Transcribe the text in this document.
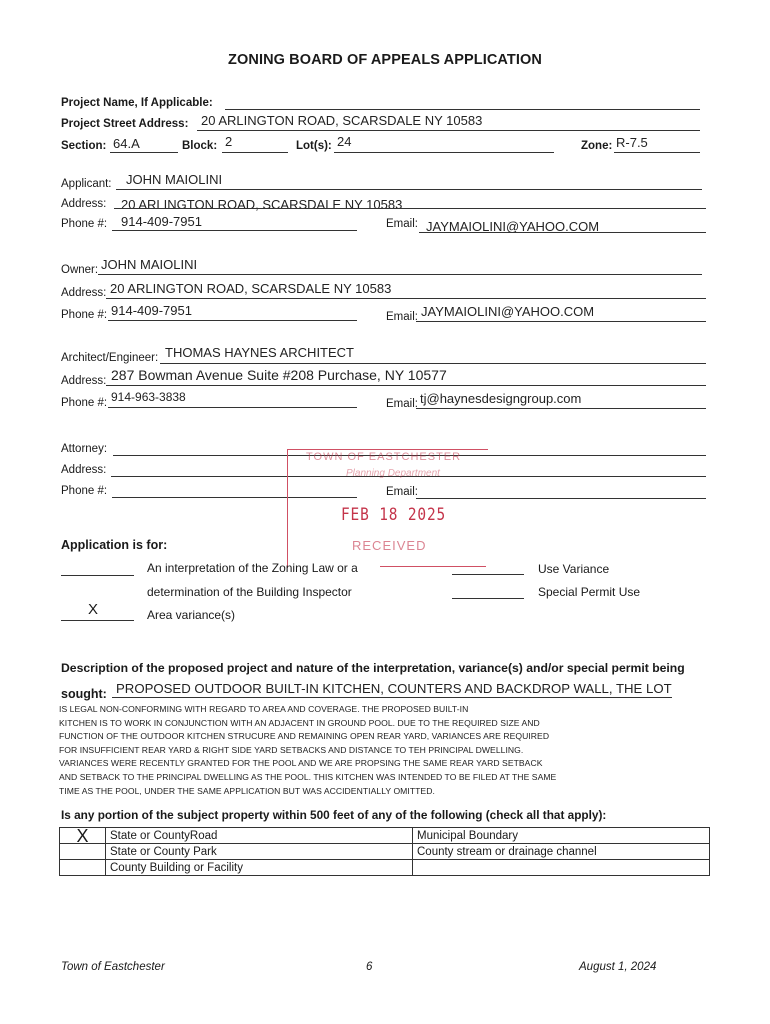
ZONING BOARD OF APPEALS APPLICATION
Project Name, If Applicable:
Project Street Address: 20 ARLINGTON ROAD, SCARSDALE NY 10583
Section: 64.A	Block: 2	Lot(s): 24	Zone: R-7.5
Applicant: JOHN MAIOLINI
Address: 20 ARLINGTON ROAD, SCARSDALE NY 10583
Phone #: 914-409-7951	Email: JAYMAIOLINI@YAHOO.COM
Owner: JOHN MAIOLINI
Address: 20 ARLINGTON ROAD, SCARSDALE NY 10583
Phone #: 914-409-7951	Email: JAYMAIOLINI@YAHOO.COM
Architect/Engineer: THOMAS HAYNES ARCHITECT
Address: 287 Bowman Avenue Suite #208 Purchase, NY 10577
Phone #: 914-963-3838	Email: tj@haynesdesigngroup.com
Attorney:
Address:
Phone #:	Email:
TOWN OF EASTCHESTER
Planning Department
FEB 18 2025
RECEIVED
Application is for:
An interpretation of the Zoning Law or a
determination of the Building Inspector
X	Area variance(s)
Use Variance
Special Permit Use
Description of the proposed project and nature of the interpretation, variance(s) and/or special permit being
sought: PROPOSED OUTDOOR BUILT-IN KITCHEN, COUNTERS AND BACKDROP WALL, THE LOT
IS LEGAL NON-CONFORMING WITH REGARD TO AREA AND COVERAGE. THE PROPOSED BUILT-IN
KITCHEN IS TO WORK IN CONJUNCTION WITH AN ADJACENT IN GROUND POOL. DUE TO THE REQUIRED SIZE AND
FUNCTION OF THE OUTDOOR KITCHEN STRUCURE AND REMAINING OPEN REAR YARD, VARIANCES ARE REQUIRED
FOR INSUFFICIENT REAR YARD & RIGHT SIDE YARD SETBACKS AND DISTANCE TO TEH PRINCIPAL DWELLING.
VARIANCES WERE RECENTLY GRANTED FOR THE POOL AND WE ARE PROPSING THE SAME REAR YARD SETBACK
AND SETBACK TO THE PRINCIPAL DWELLING AS THE POOL. THIS KITCHEN WAS INTENDED TO BE FILED AT THE SAME
TIME AS THE POOL, UNDER THE SAME APPLICATION BUT WAS ACCIDENTIALLY OMITTED.
Is any portion of the subject property within 500 feet of any of the following (check all that apply):
X	State or CountyRoad	Municipal Boundary
	State or County Park	County stream or drainage channel
	County Building or Facility	
Town of Eastchester	6	August 1, 2024
